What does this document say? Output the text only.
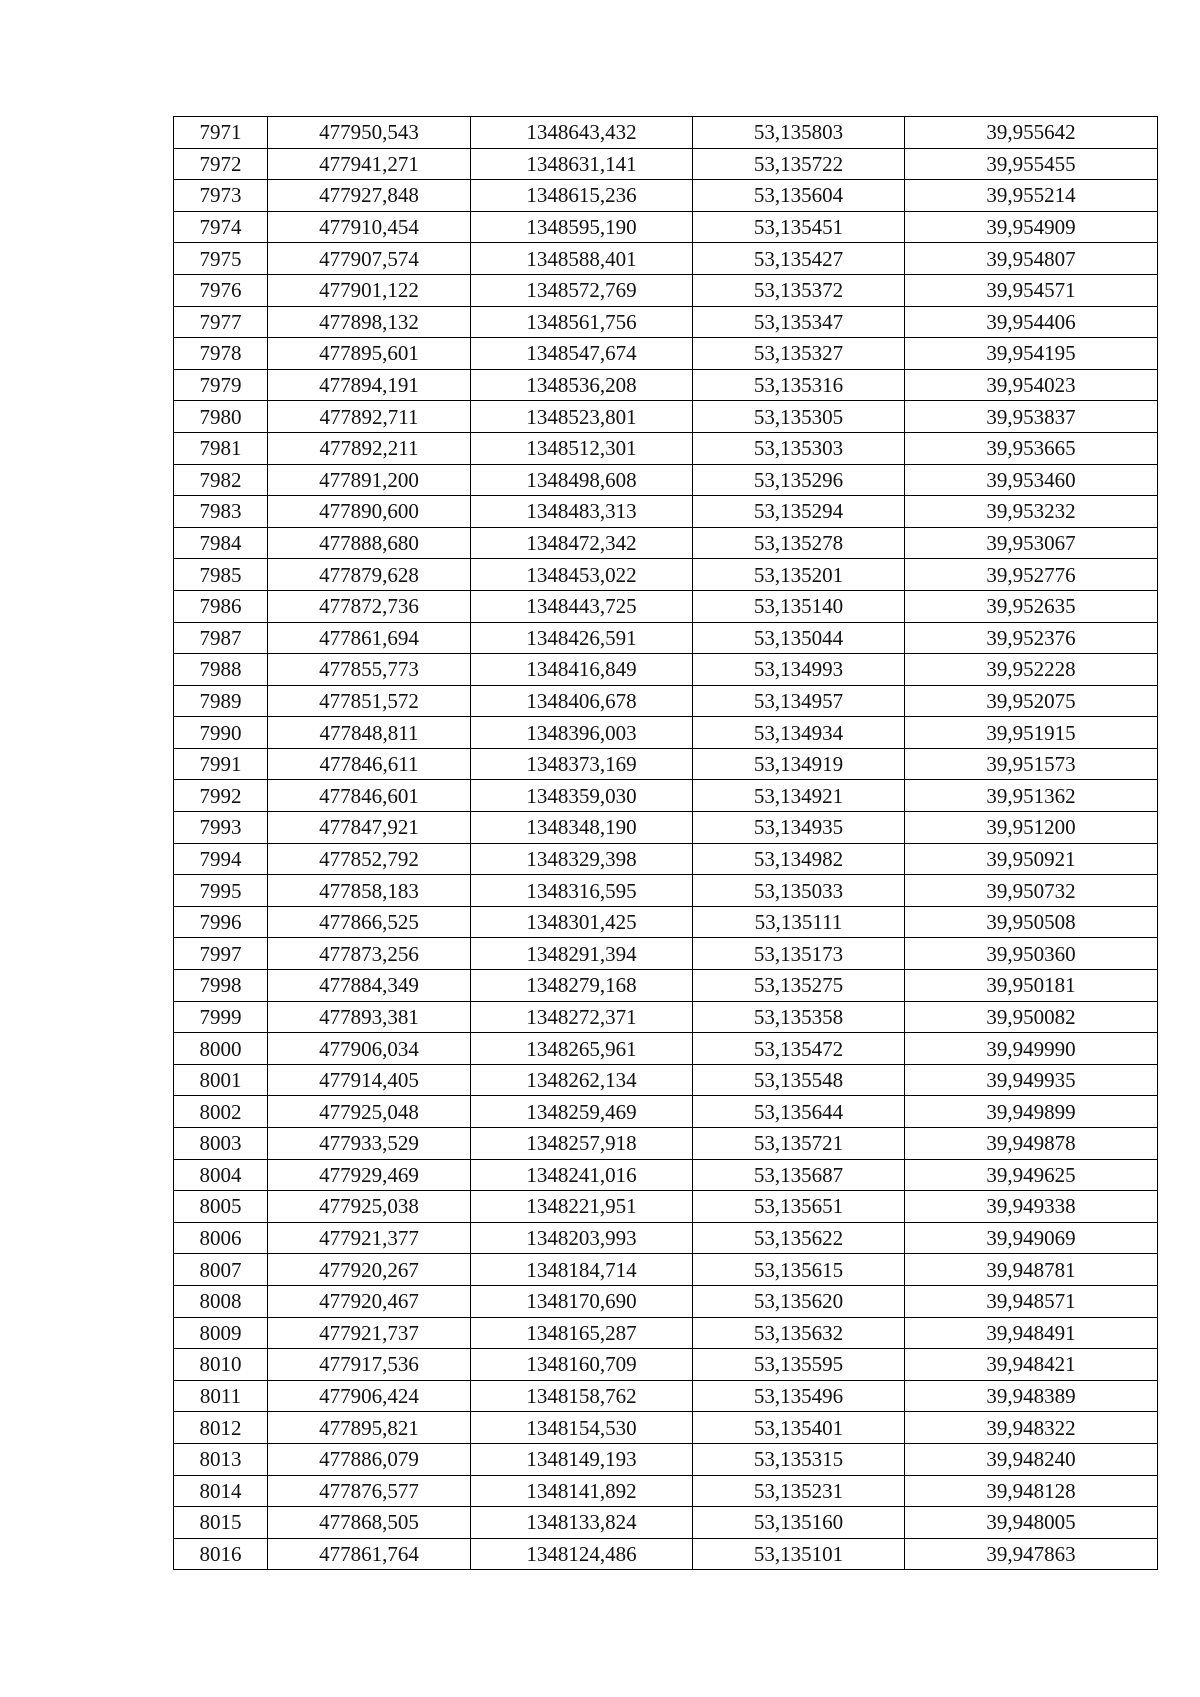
7971	477950,543	1348643,432	53,135803	39,955642
7972	477941,271	1348631,141	53,135722	39,955455
7973	477927,848	1348615,236	53,135604	39,955214
7974	477910,454	1348595,190	53,135451	39,954909
7975	477907,574	1348588,401	53,135427	39,954807
7976	477901,122	1348572,769	53,135372	39,954571
7977	477898,132	1348561,756	53,135347	39,954406
7978	477895,601	1348547,674	53,135327	39,954195
7979	477894,191	1348536,208	53,135316	39,954023
7980	477892,711	1348523,801	53,135305	39,953837
7981	477892,211	1348512,301	53,135303	39,953665
7982	477891,200	1348498,608	53,135296	39,953460
7983	477890,600	1348483,313	53,135294	39,953232
7984	477888,680	1348472,342	53,135278	39,953067
7985	477879,628	1348453,022	53,135201	39,952776
7986	477872,736	1348443,725	53,135140	39,952635
7987	477861,694	1348426,591	53,135044	39,952376
7988	477855,773	1348416,849	53,134993	39,952228
7989	477851,572	1348406,678	53,134957	39,952075
7990	477848,811	1348396,003	53,134934	39,951915
7991	477846,611	1348373,169	53,134919	39,951573
7992	477846,601	1348359,030	53,134921	39,951362
7993	477847,921	1348348,190	53,134935	39,951200
7994	477852,792	1348329,398	53,134982	39,950921
7995	477858,183	1348316,595	53,135033	39,950732
7996	477866,525	1348301,425	53,135111	39,950508
7997	477873,256	1348291,394	53,135173	39,950360
7998	477884,349	1348279,168	53,135275	39,950181
7999	477893,381	1348272,371	53,135358	39,950082
8000	477906,034	1348265,961	53,135472	39,949990
8001	477914,405	1348262,134	53,135548	39,949935
8002	477925,048	1348259,469	53,135644	39,949899
8003	477933,529	1348257,918	53,135721	39,949878
8004	477929,469	1348241,016	53,135687	39,949625
8005	477925,038	1348221,951	53,135651	39,949338
8006	477921,377	1348203,993	53,135622	39,949069
8007	477920,267	1348184,714	53,135615	39,948781
8008	477920,467	1348170,690	53,135620	39,948571
8009	477921,737	1348165,287	53,135632	39,948491
8010	477917,536	1348160,709	53,135595	39,948421
8011	477906,424	1348158,762	53,135496	39,948389
8012	477895,821	1348154,530	53,135401	39,948322
8013	477886,079	1348149,193	53,135315	39,948240
8014	477876,577	1348141,892	53,135231	39,948128
8015	477868,505	1348133,824	53,135160	39,948005
8016	477861,764	1348124,486	53,135101	39,947863
